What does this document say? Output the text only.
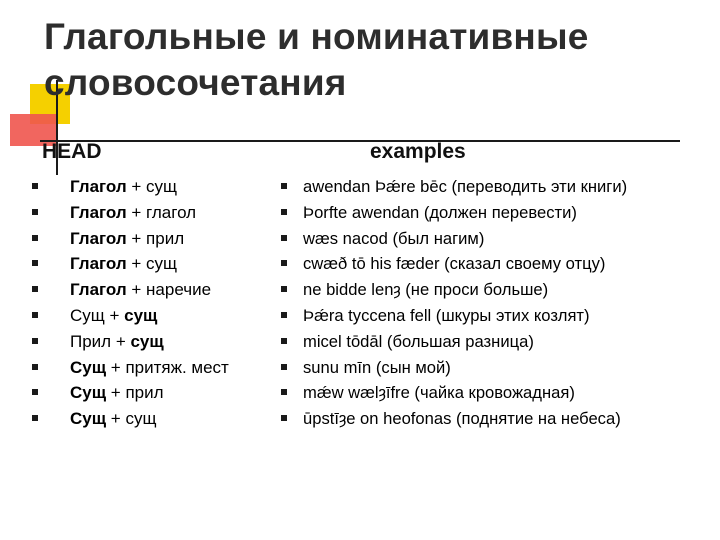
Глагольные и номинативные словосочетания
HEAD	examples
Глагол + сущ
Глагол + глагол
Глагол + прил
Глагол + сущ
Глагол + наречие
Сущ + сущ
Прил + сущ
Сущ + притяж. мест
Сущ + прил
Сущ + сущ
awendan Þǽre bēc (переводить эти книги)
Þorfte awendan (должен перевести)
wæs nacod (был нагим)
cwæð tō his fæder (сказал своему отцу)
ne bidde lenȝ (не проси больше)
Þǽra tyccena fell (шкуры этих козлят)
micel tōdāl (большая разница)
sunu mīn (сын мой)
mǽw wælȝīfre (чайка кровожадная)
ūpstīȝe on heofonas (поднятие на небеса)
